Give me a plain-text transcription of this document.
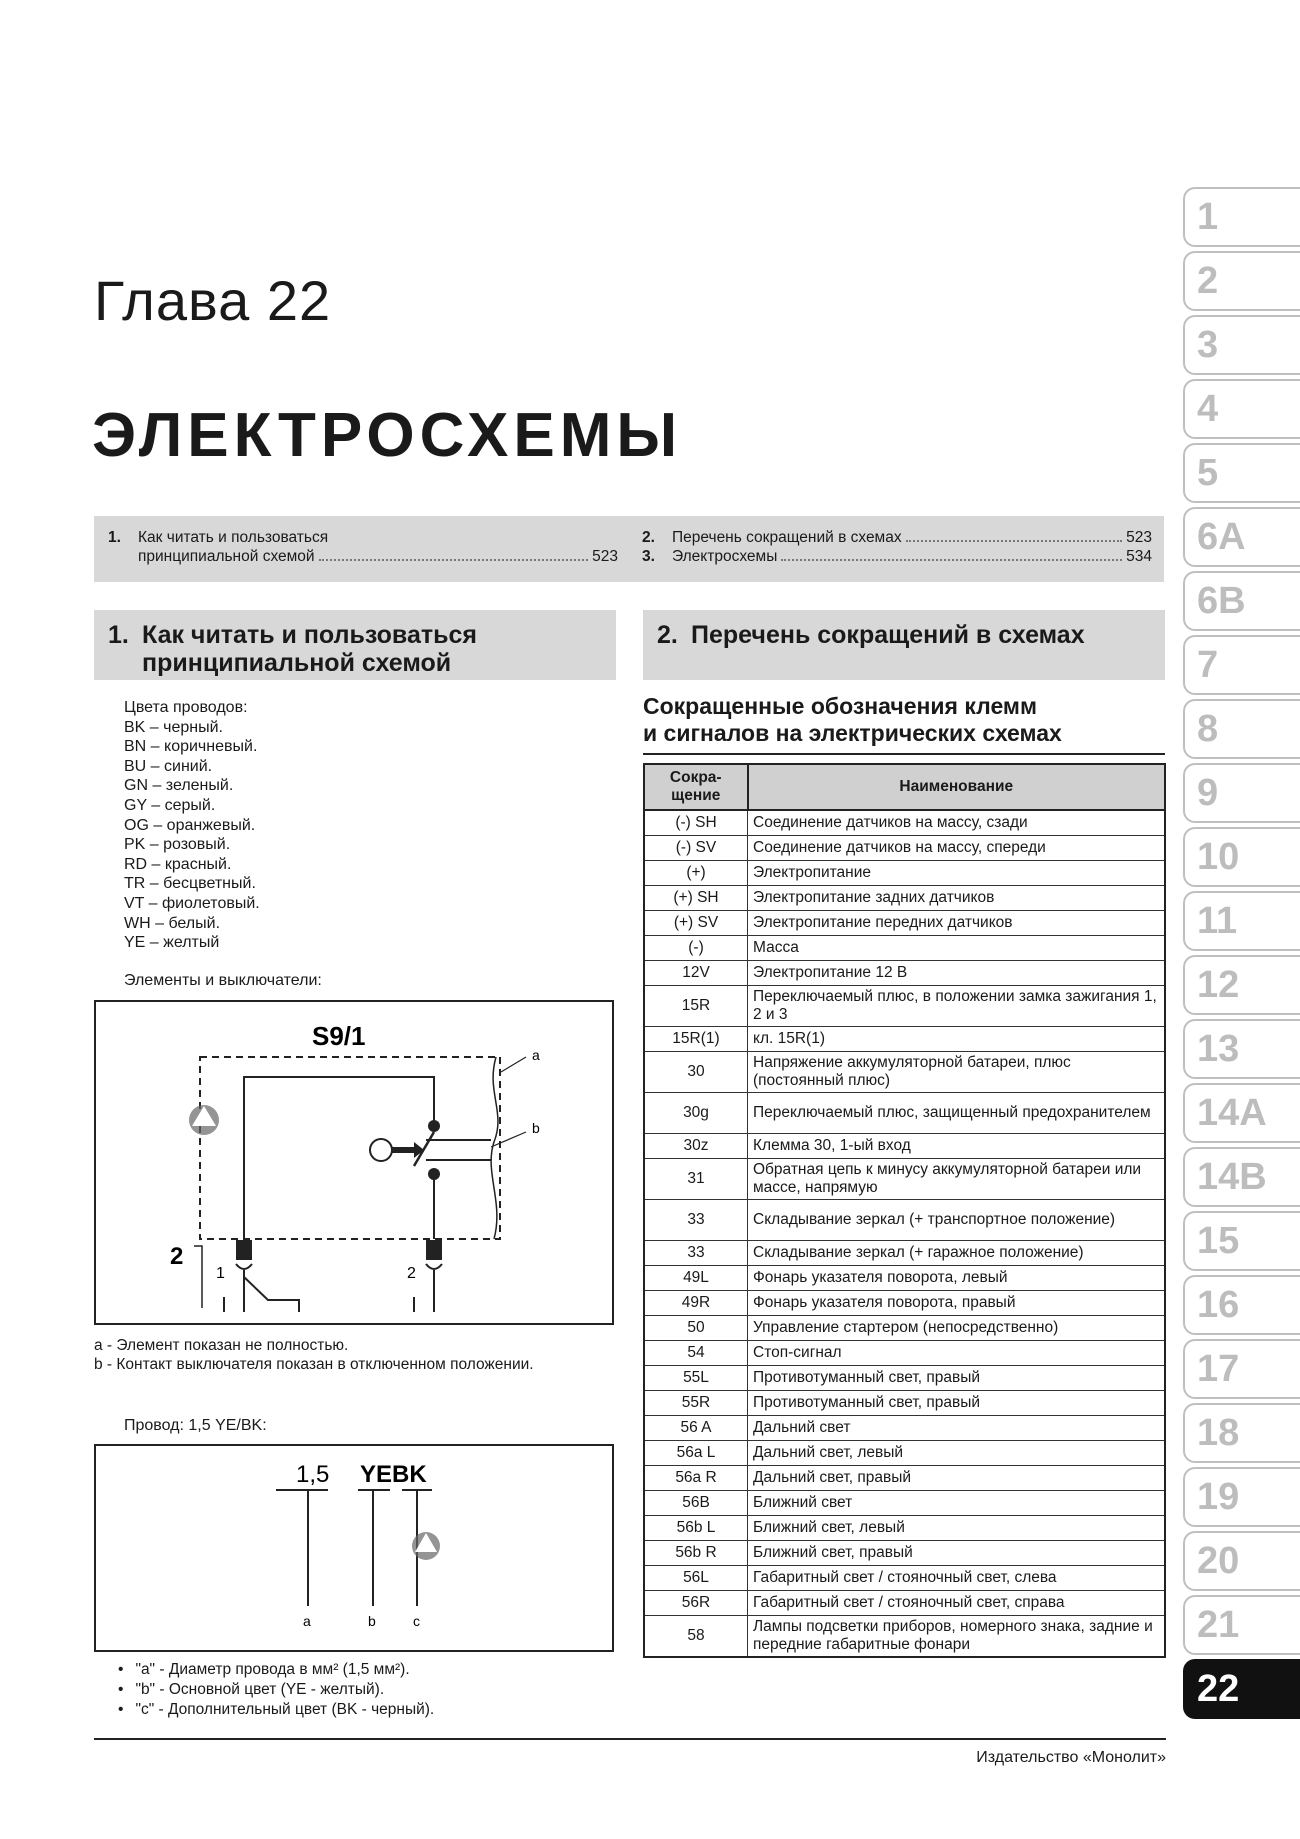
Глава 22
ЭЛЕКТРОСХЕМЫ
1.	Как читать и пользоваться
принципиальной схемой	523
2.	Перечень сокращений в схемах	523
3.	Электросхемы	534
1. Как читать и пользоваться
принципиальной схемой
2. Перечень сокращений в схемах
Цвета проводов:
BK – черный.
BN – коричневый.
BU – синий.
GN – зеленый.
GY – серый.
OG – оранжевый.
PK – розовый.
RD – красный.
TR – бесцветный.
VT – фиолетовый.
WH – белый.
YE – желтый
Элементы и выключатели:
S9/1
a
b
2
1	2

a - Элемент показан не полностью.

b - Контакт выключателя показан в отключенном положении.

Провод: 1,5 YE/BK:
1,5 YEBK
a	b	c
• "a" - Диаметр провода в мм² (1,5 мм²).
• "b" - Основной цвет (YE - желтый).
• "c" - Дополнительный цвет (BK - черный).
Сокращенные обозначения клемм
и сигналов на электрических схемах
Сокра-
щение	Наименование
(-) SH	Соединение датчиков на массу, сзади
(-) SV	Соединение датчиков на массу, спереди
(+)	Электропитание
(+) SH	Электропитание задних датчиков
(+) SV	Электропитание передних датчиков
(-)	Масса
12V	Электропитание 12 В
15R	Переключаемый плюс, в положении замка зажигания 1, 2 и 3
15R(1)	кл. 15R(1)
30	Напряжение аккумуляторной батареи, плюс (постоянный плюс)
30g	Переключаемый плюс, защищенный предохранителем
30z	Клемма 30, 1-ый вход
31	Обратная цепь к минусу аккумуляторной батареи или массе, напрямую
33	Складывание зеркал (+ транспортное положение)
33	Складывание зеркал (+ гаражное положение)
49L	Фонарь указателя поворота, левый
49R	Фонарь указателя поворота, правый
50	Управление стартером (непосредственно)
54	Стоп-сигнал
55L	Противотуманный свет, правый
55R	Противотуманный свет, правый
56 A	Дальний свет
56a L	Дальний свет, левый
56a R	Дальний свет, правый
56B	Ближний свет
56b L	Ближний свет, левый
56b R	Ближний свет, правый
56L	Габаритный свет / стояночный свет, слева
56R	Габаритный свет / стояночный свет, справа
58	Лампы подсветки приборов, номерного знака, задние и передние габаритные фонари
Издательство «Монолит»
1
2
3
4
5
6A
6B
7
8
9
10
11
12
13
14A
14B
15
16
17
18
19
20
21
22
